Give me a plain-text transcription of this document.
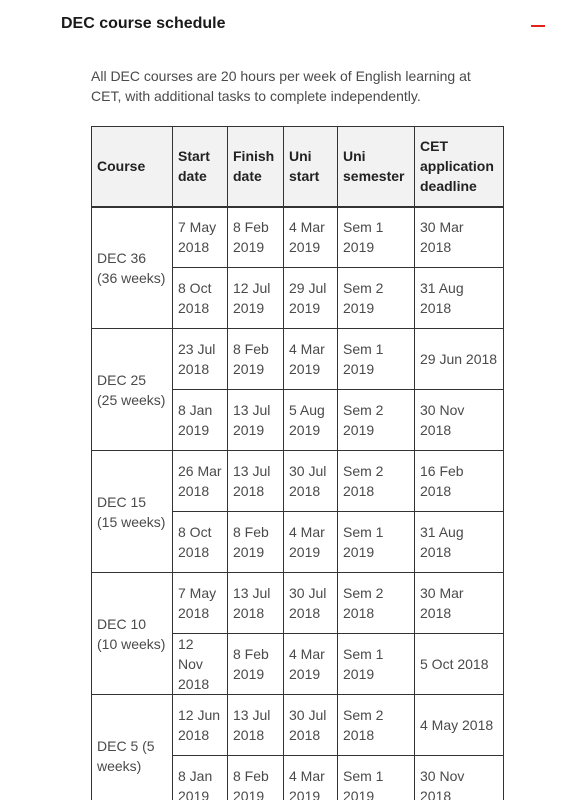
DEC course schedule

All DEC courses are 20 hours per week of English learning at CET, with additional tasks to complete independently.

Course	Start date	Finish date	Uni start	Uni semester	CET application deadline
DEC 36 (36 weeks)	7 May 2018	8 Feb 2019	4 Mar 2019	Sem 1 2019	30 Mar 2018
	8 Oct 2018	12 Jul 2019	29 Jul 2019	Sem 2 2019	31 Aug 2018
DEC 25 (25 weeks)	23 Jul 2018	8 Feb 2019	4 Mar 2019	Sem 1 2019	29 Jun 2018
	8 Jan 2019	13 Jul 2019	5 Aug 2019	Sem 2 2019	30 Nov 2018
DEC 15 (15 weeks)	26 Mar 2018	13 Jul 2018	30 Jul 2018	Sem 2 2018	16 Feb 2018
	8 Oct 2018	8 Feb 2019	4 Mar 2019	Sem 1 2019	31 Aug 2018
DEC 10 (10 weeks)	7 May 2018	13 Jul 2018	30 Jul 2018	Sem 2 2018	30 Mar 2018
	12 Nov 2018	8 Feb 2019	4 Mar 2019	Sem 1 2019	5 Oct 2018
DEC 5 (5 weeks)	12 Jun 2018	13 Jul 2018	30 Jul 2018	Sem 2 2018	4 May 2018
	8 Jan 2019	8 Feb 2019	4 Mar 2019	Sem 1 2019	30 Nov 2018
